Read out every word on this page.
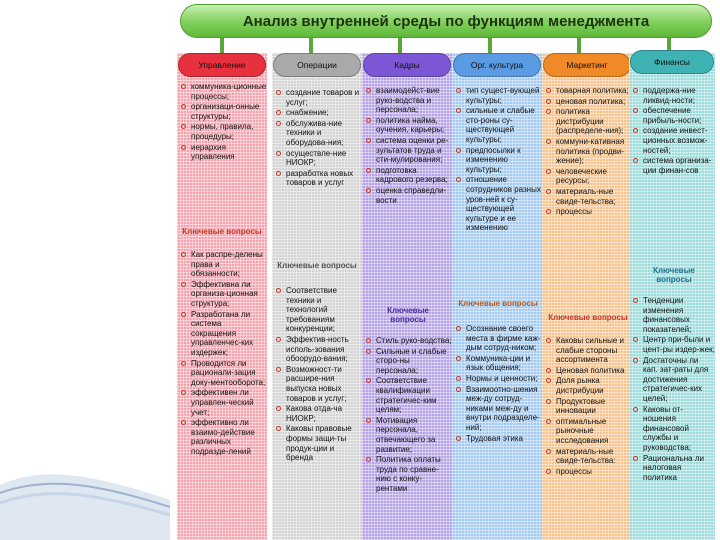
Анализ внутренней среды по функциям менеджмента
Управление
коммуника-ционные процессы;
организаци-онные структуры;
нормы, правила, процедуры;
иерархия управления
Ключевые вопросы
Как распре-делены права и обязанности;
Эффективна ли организа-ционная структура;
Разработана ли система сокращения управленчес-ких издержек;
Проводится ли рационали-зация доку-ментооборота;
эффективен ли управлен-ческий учет;
эффективно ли взаимо-действие различных подразде-лений
Операции
создание товаров и услуг;
снабжение;
обслужива-ние техники и оборудова-ния;
осуществле-ние НИОКР;
разработка новых товаров и услуг
Ключевые вопросы
Соответствие техники и технологий требованиям конкуренции;
Эффектив-ность исполь-зования обоорудо-вания;
Возможност-ти расшире-ния выпуска новых товаров и услуг;
Какова отда-ча НИОКР;
Каковы правовые формы защи-ты продук-ции и бренда
Кадры
взаимодейст-вие руко-водства и персонала;
политика найма, оучения, карьеры;
система оценки ре-зультатов труда и сти-мулирования;
подготовка кадрового резерва;
оценка справедли-вости
Ключевые вопросы
Стиль руко-водства;
Сильные и слабые сторо-ны персонала;
Соответствие квалификации стратегичес-ким целям;
Мотивация персонала, отвечающего за развитие;
Политика оплаты труда по сравне-нию с конку-рентами
Орг. культура
тип сущест-вующей культуры;
сильные и слабые сто-роны су-ществующей культуры;
предпосылки к изменению культуры;
отношение сотрудников разных уров-ней к су-ществующей культуре и ее изменению
Ключевые вопросы
Осознание своего места в фирме каж-дым сотруд-ником;
Коммуника-ции и язык общения;
Нормы и ценности;
Взаимоотно-шения меж-ду сотруд-никами меж-ду и внутри подразделе-ний;
Трудовая этика
Маркетинг
товарная политика;
ценовая политика;
политика дистрибуции (распределе-ния);
коммуни-кативная политика (продви-жение);
человеческие ресурсы;
материаль-ные свиде-тельства;
процессы
Ключевые вопросы
Каковы сильные и слабые стороны ассортимента
Ценовая политика
Доля рынка дистрибуции
Продуктовые инновации
оптимальные рыночные исследования
материаль-ные свиде-тельства:
процессы
Финансы
поддержа-ние ликвид-ности;
обеспечение прибыль-ности;
создание инвест-ционных возмож-ностей;
система организа-ции финан-сов
Ключевые вопросы
Тенденции изменения финансовых показателей;
Центр при-были и цент-ры издер-жек;
Достаточны ли кап. зат-раты для достижения стратегичес-ких целей;
Каковы от-ношения финансовой службы и руководства;
Рациональна ли налоговая политика
